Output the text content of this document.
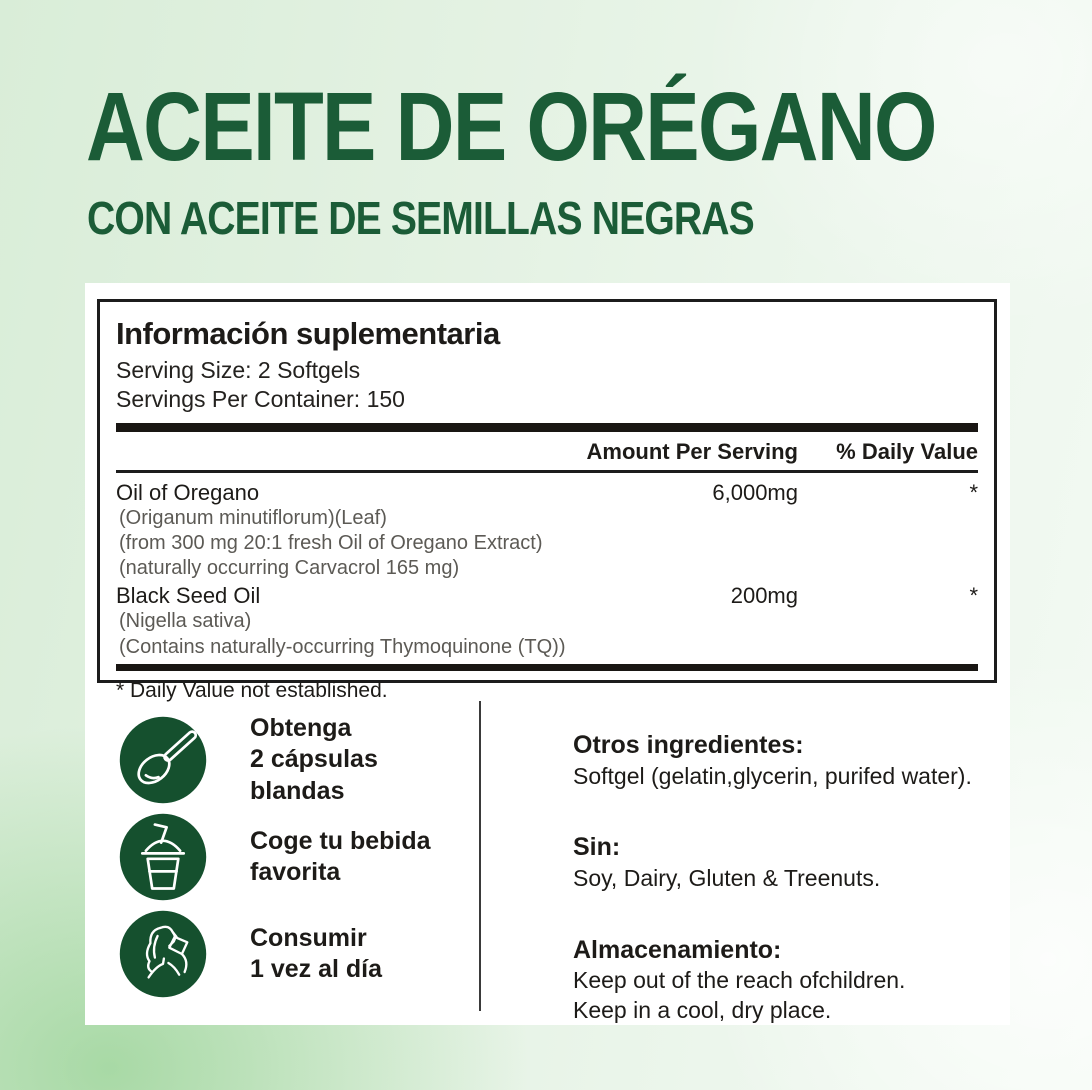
ACEITE DE ORÉGANO
CON ACEITE DE SEMILLAS NEGRAS
Información suplementaria
Serving Size: 2 Softgels
Servings Per Container: 150
Amount Per Serving	% Daily Value
Oil of Oregano	6,000mg	*
(Origanum minutiflorum)(Leaf)
(from 300 mg 20:1 fresh Oil of Oregano Extract)
(naturally occurring Carvacrol 165 mg)
Black Seed Oil	200mg	*
(Nigella sativa)
(Contains naturally-occurring Thymoquinone (TQ))
* Daily Value not established.
Obtenga
2 cápsulas blandas
Coge tu bebida
favorita
Consumir
1 vez al día
Otros ingredientes:
Softgel (gelatin,glycerin, purifed water).
Sin:
Soy, Dairy, Gluten & Treenuts.
Almacenamiento:
Keep out of the reach ofchildren.
Keep in a cool, dry place.
